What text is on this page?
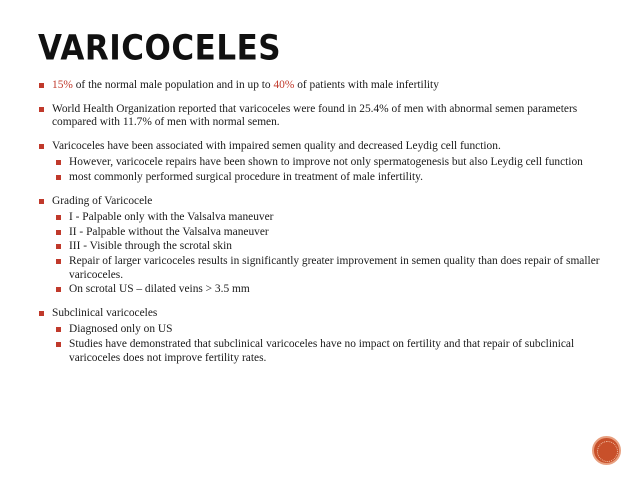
VARICOCELES
15% of the normal male population and in up to 40% of patients with male infertility
World Health Organization reported that varicoceles were found in 25.4% of men with abnormal semen parameters compared with 11.7% of men with normal semen.
Varicoceles have been associated with impaired semen quality and decreased Leydig cell function.
However, varicocele repairs have been shown to improve not only spermatogenesis but also Leydig cell function
most commonly performed surgical procedure in treatment of male infertility.
Grading of Varicocele
I - Palpable only with the Valsalva maneuver
II - Palpable without the Valsalva maneuver
III - Visible through the scrotal skin
Repair of larger varicoceles results in significantly greater improvement in semen quality than does repair of smaller varicoceles.
On scrotal US – dilated veins > 3.5 mm
Subclinical varicoceles
Diagnosed only on US
Studies have demonstrated that subclinical varicoceles have no impact on fertility and that repair of subclinical varicoceles does not improve fertility rates.
